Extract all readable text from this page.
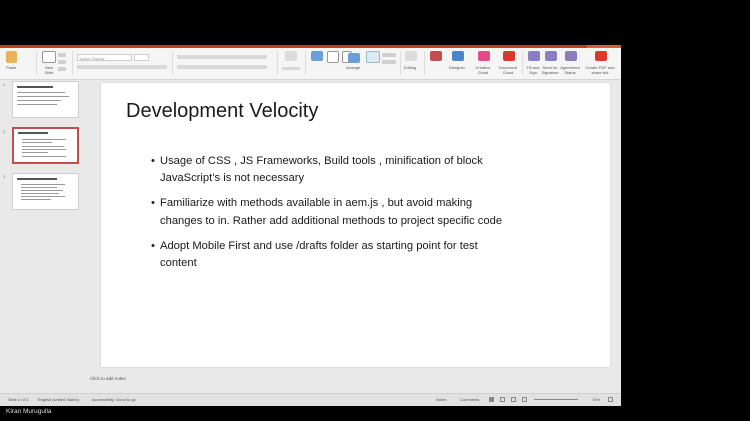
Paste	New Slide
Aptos Display
Arrange	Editing	Designer	Creative Cloud
Document Cloud
Fill and Sign
Send for Signature
Agreement Status
Create PDF and share link
1
2
3
Slide 2 of 3 English (United States)	Accessibility: Good to go	Notes	Comments	74%
Development Velocity
• Usage of CSS , JS Frameworks, Build tools , minification of block JavaScript’s is not necessary
• Familiarize with methods available in aem.js , but avoid making changes to in. Rather add additional methods to project specific code
• Adopt Mobile First and use /drafts folder as starting point for test content
Click to add notes
Kiran Murugulla
